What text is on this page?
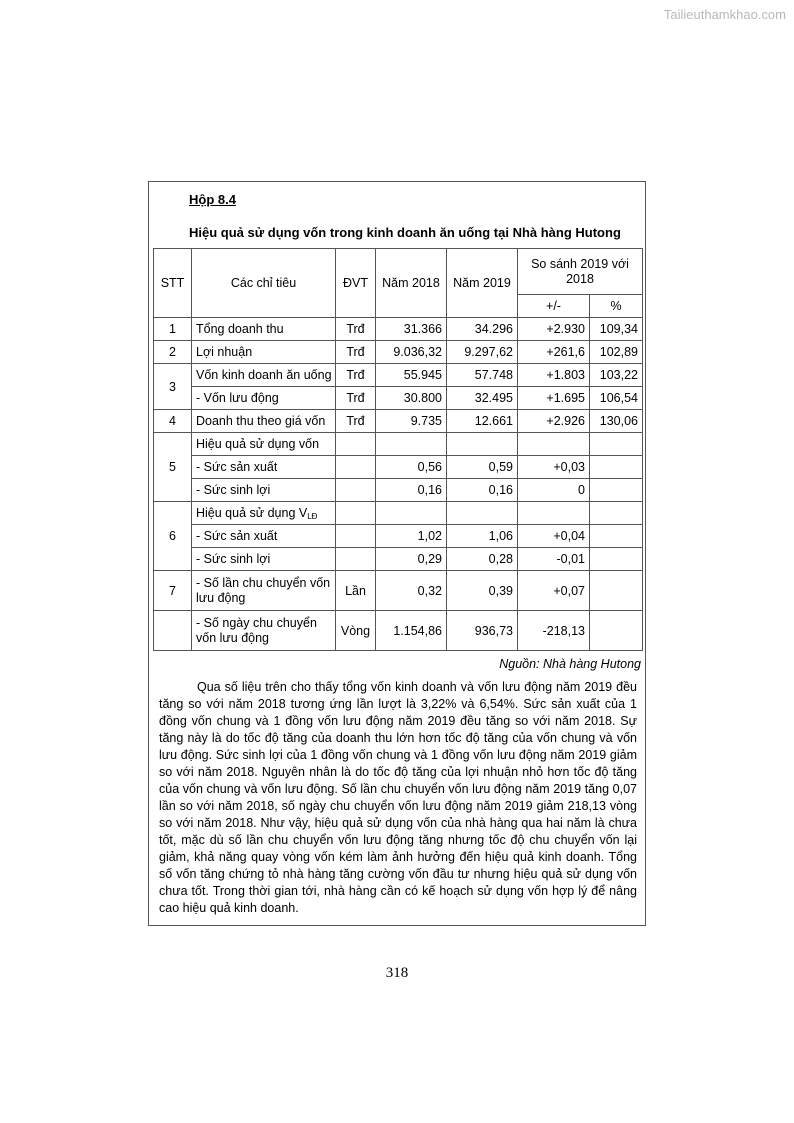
Tailieuthamkhao.com
Hộp 8.4
Hiệu quả sử dụng vốn trong kinh doanh ăn uống tại Nhà hàng Hutong
STT	Các chỉ tiêu	ĐVT	Năm 2018	Năm 2019	So sánh 2019 với 2018	
					+/-	%
1	Tổng doanh thu	Trđ	31.366	34.296	+2.930	109,34
2	Lợi nhuận	Trđ	9.036,32	9.297,62	+261,6	102,89
3	Vốn kinh doanh ăn uống	Trđ	55.945	57.748	+1.803	103,22
	- Vốn lưu động	Trđ	30.800	32.495	+1.695	106,54
4	Doanh thu theo giá vốn	Trđ	9.735	12.661	+2.926	130,06
5	Hiệu quả sử dụng vốn					
	- Sức sản xuất		0,56	0,59	+0,03	
	- Sức sinh lợi		0,16	0,16	0	
6	Hiệu quả sử dụng $V_{LĐ}$					
	- Sức sản xuất		1,02	1,06	+0,04	
	- Sức sinh lợi		0,29	0,28	-0,01	
7	- Số lần chu chuyển vốn lưu động	Lần	0,32	0,39	+0,07	
	- Số ngày chu chuyển vốn lưu động	Vòng	1.154,86	936,73	-218,13	
Nguồn: Nhà hàng Hutong

Qua số liệu trên cho thấy tổng vốn kinh doanh và vốn lưu động năm 2019 đều tăng so với năm 2018 tương ứng lần lượt là 3,22% và 6,54%. Sức sản xuất của 1 đồng vốn chung và 1 đồng vốn lưu động năm 2019 đều tăng so với năm 2018. Sự tăng này là do tốc độ tăng của doanh thu lớn hơn tốc độ tăng của vốn chung và vốn lưu động. Sức sinh lợi của 1 đồng vốn chung và 1 đồng vốn lưu động năm 2019 giảm so với năm 2018. Nguyên nhân là do tốc độ tăng của lợi nhuận nhỏ hơn tốc độ tăng của vốn chung và vốn lưu động. Số lần chu chuyển vốn lưu động năm 2019 tăng 0,07 lần so với năm 2018, số ngày chu chuyển vốn lưu động năm 2019 giảm 218,13 vòng so với năm 2018. Như vậy, hiệu quả sử dụng vốn của nhà hàng qua hai năm là chưa tốt, mặc dù số lần chu chuyển vốn lưu động tăng nhưng tốc độ chu chuyển vốn lại giảm, khả năng quay vòng vốn kém làm ảnh hưởng đến hiệu quả kinh doanh. Tổng số vốn tăng chứng tỏ nhà hàng tăng cường vốn đầu tư nhưng hiệu quả sử dụng vốn chưa tốt. Trong thời gian tới, nhà hàng cần có kế hoạch sử dụng vốn hợp lý để nâng cao hiệu quả kinh doanh.

318
